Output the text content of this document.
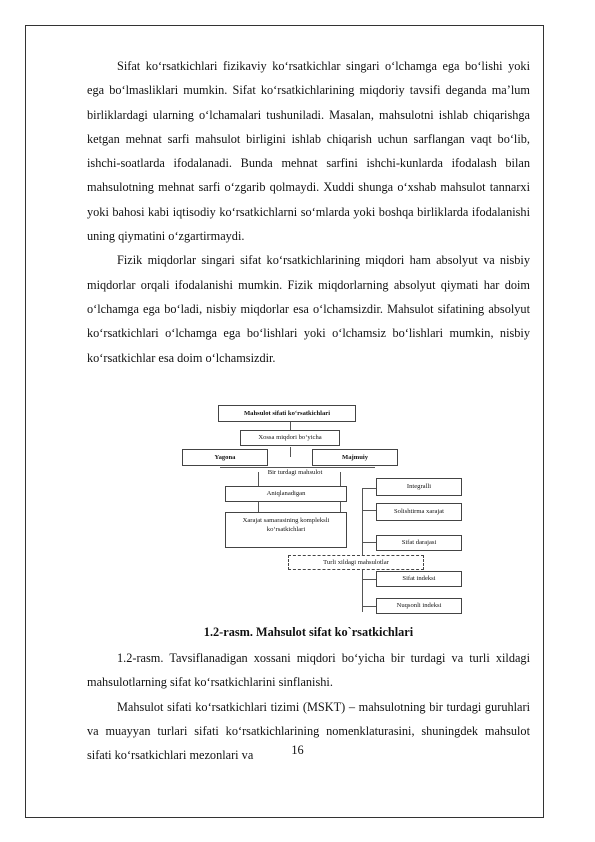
Sifat koʻrsatkichlari fizikaviy koʻrsatkichlar singari oʻlchamga ega boʻlishi yoki ega boʻlmasliklari mumkin. Sifat koʻrsatkichlarining miqdoriy tavsifi deganda ma’lum birliklardagi ularning oʻlchamalari tushuniladi. Masalan, mahsulotni ishlab chiqarishga ketgan mehnat sarfi mahsulot birligini ishlab chiqarish uchun sarflangan vaqt boʻlib, ishchi-soatlarda ifodalanadi. Bunda mehnat sarfini ishchi-kunlarda ifodalash bilan mahsulotning mehnat sarfi oʻzgarib qolmaydi. Xuddi shunga oʻxshab mahsulot tannarxi yoki bahosi kabi iqtisodiy koʻrsatkichlarni soʻmlarda yoki boshqa birliklarda ifodalanishi uning qiymatini oʻzgartirmaydi.

Fizik miqdorlar singari sifat koʻrsatkichlarining miqdori ham absolyut va nisbiy miqdorlar orqali ifodalanishi mumkin. Fizik miqdorlarning absolyut qiymati har doim oʻlchamga ega boʻladi, nisbiy miqdorlar esa oʻlchamsizdir. Mahsulot sifatining absolyut koʻrsatkichlari oʻlchamga ega boʻlishlari yoki oʻlchamsiz boʻlishlari mumkin, nisbiy koʻrsatkichlar esa doim oʻlchamsizdir.

Mahsulot sifati koʻrsatkichlari
Xossa miqdori boʻyicha
Yagona	Majmuiy
Bir turdagi mahsulot
Aniqlanadigan
Xarajat samarasining kompleksli koʻrsatkichlari
Integralli
Solishtirma xarajat
Sifat darajasi
Turli xildagi mahsulotlar
Sifat indeksi
Nuqsonli indeksi
1.2-rasm. Mahsulot sifat ko`rsatkichlari

1.2-rasm. Tavsiflanadigan xossani miqdori boʻyicha bir turdagi va turli xildagi mahsulotlarning sifat koʻrsatkichlarini sinflanishi.

Mahsulot sifati koʻrsatkichlari tizimi (MSKT) – mahsulotning bir turdagi guruhlari va muayyan turlari sifati koʻrsatkichlarining nomenklaturasini, shuningdek mahsulot sifati koʻrsatkichlari mezonlari va	16
